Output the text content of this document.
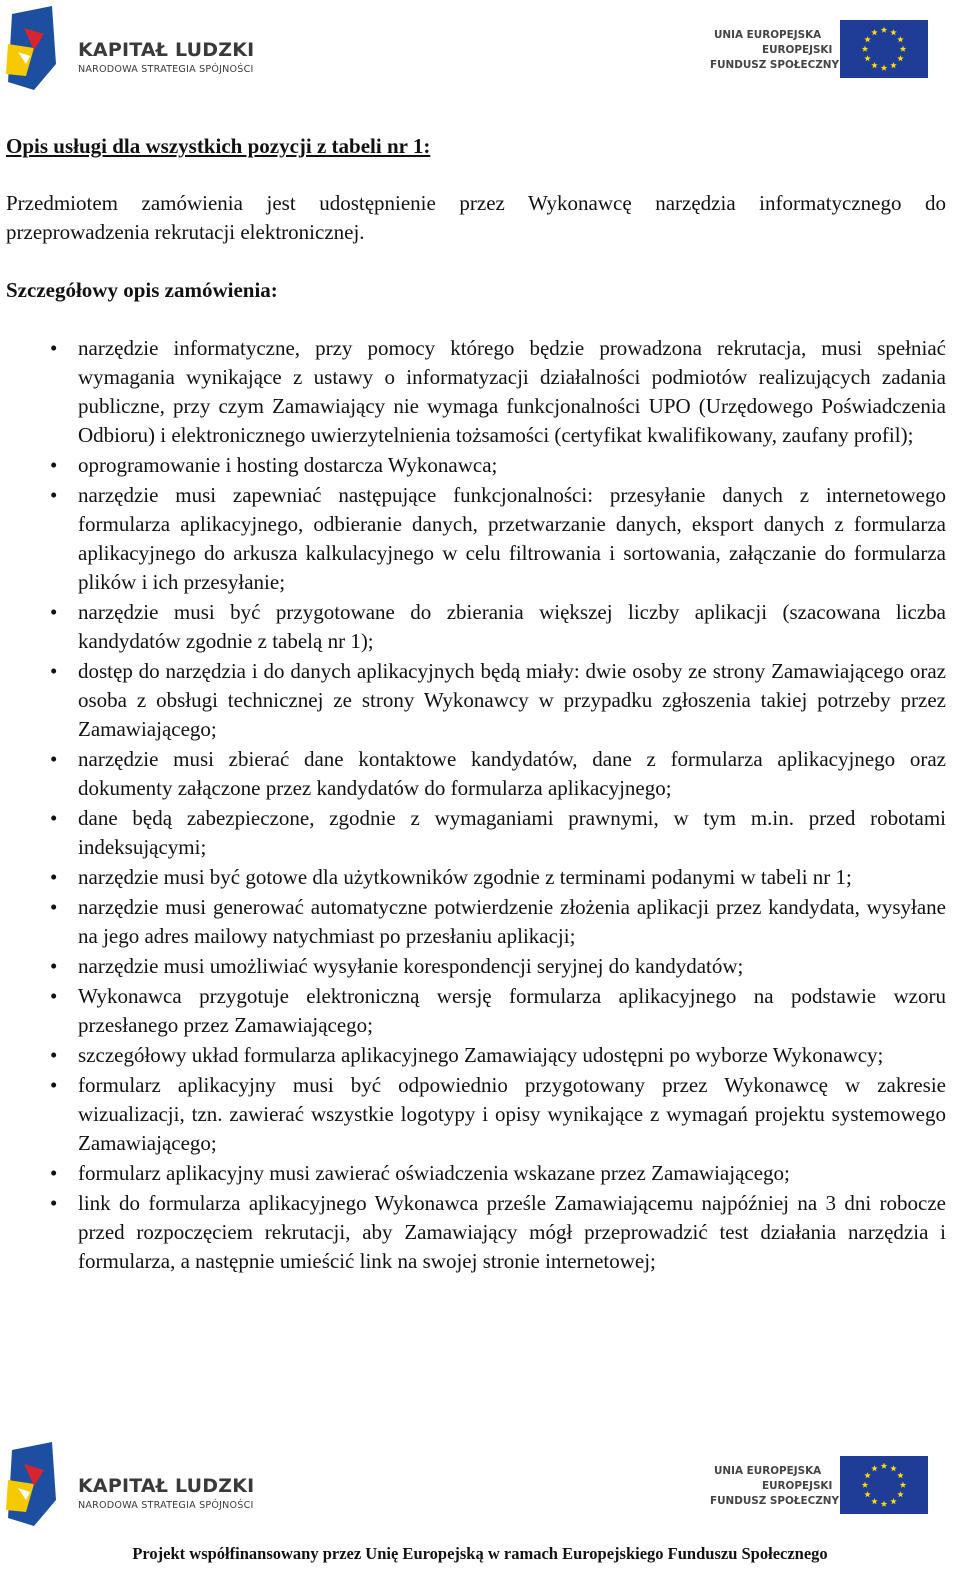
KAPITAŁ LUDZKI
NARODOWA STRATEGIA SPÓJNOŚCI
UNIA EUROPEJSKA
EUROPEJSKI
FUNDUSZ SPOŁECZNY

Opis usługi dla wszystkich pozycji z tabeli nr 1:

Przedmiotem zamówienia jest udostępnienie przez Wykonawcę narzędzia informatycznego do przeprowadzenia rekrutacji elektronicznej.

Szczegółowy opis zamówienia:

• narzędzie informatyczne, przy pomocy którego będzie prowadzona rekrutacja, musi spełniać wymagania wynikające z ustawy o informatyzacji działalności podmiotów realizujących zadania publiczne, przy czym Zamawiający nie wymaga funkcjonalności UPO (Urzędowego Poświadczenia Odbioru) i elektronicznego uwierzytelnienia tożsamości (certyfikat kwalifikowany, zaufany profil);
• oprogramowanie i hosting dostarcza Wykonawca;
• narzędzie musi zapewniać następujące funkcjonalności: przesyłanie danych z internetowego formularza aplikacyjnego, odbieranie danych, przetwarzanie danych, eksport danych z formularza aplikacyjnego do arkusza kalkulacyjnego w celu filtrowania i sortowania, załączanie do formularza plików i ich przesyłanie;
• narzędzie musi być przygotowane do zbierania większej liczby aplikacji (szacowana liczba kandydatów zgodnie z tabelą nr 1);
• dostęp do narzędzia i do danych aplikacyjnych będą miały: dwie osoby ze strony Zamawiającego oraz osoba z obsługi technicznej ze strony Wykonawcy w przypadku zgłoszenia takiej potrzeby przez Zamawiającego;
• narzędzie musi zbierać dane kontaktowe kandydatów, dane z formularza aplikacyjnego oraz dokumenty załączone przez kandydatów do formularza aplikacyjnego;
• dane będą zabezpieczone, zgodnie z wymaganiami prawnymi, w tym m.in. przed robotami indeksującymi;
• narzędzie musi być gotowe dla użytkowników zgodnie z terminami podanymi w tabeli nr 1;
• narzędzie musi generować automatyczne potwierdzenie złożenia aplikacji przez kandydata, wysyłane na jego adres mailowy natychmiast po przesłaniu aplikacji;
• narzędzie musi umożliwiać wysyłanie korespondencji seryjnej do kandydatów;
• Wykonawca przygotuje elektroniczną wersję formularza aplikacyjnego na podstawie wzoru przesłanego przez Zamawiającego;
• szczegółowy układ formularza aplikacyjnego Zamawiający udostępni po wyborze Wykonawcy;
• formularz aplikacyjny musi być odpowiednio przygotowany przez Wykonawcę w zakresie wizualizacji, tzn. zawierać wszystkie logotypy i opisy wynikające z wymagań projektu systemowego Zamawiającego;
• formularz aplikacyjny musi zawierać oświadczenia wskazane przez Zamawiającego;
• link do formularza aplikacyjnego Wykonawca prześle Zamawiającemu najpóźniej na 3 dni robocze przed rozpoczęciem rekrutacji, aby Zamawiający mógł przeprowadzić test działania narzędzia i formularza, a następnie umieścić link na swojej stronie internetowej;
KAPITAŁ LUDZKI
NARODOWA STRATEGIA SPÓJNOŚCI
UNIA EUROPEJSKA
EUROPEJSKI
FUNDUSZ SPOŁECZNY
Projekt współfinansowany przez Unię Europejską w ramach Europejskiego Funduszu Społecznego
